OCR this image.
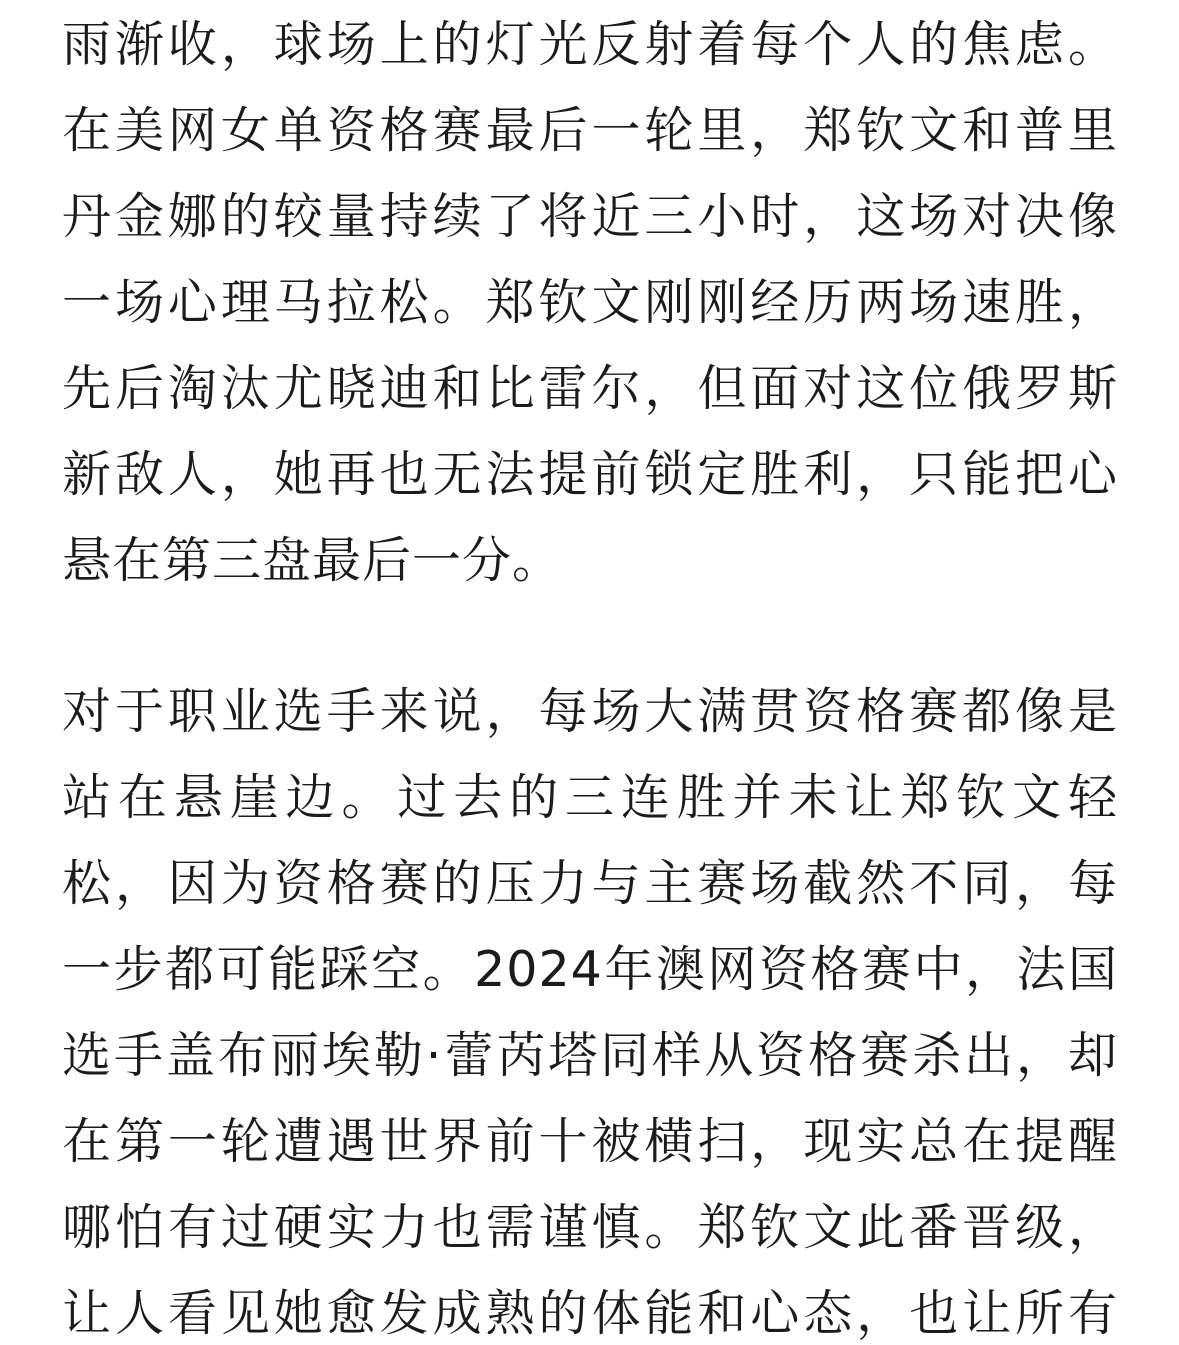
雨渐收，球场上的灯光反射着每个人的焦虑。
在美网女单资格赛最后一轮里，郑钦文和普里
丹金娜的较量持续了将近三小时，这场对决像
一场心理马拉松。郑钦文刚刚经历两场速胜，
先后淘汰尤晓迪和比雷尔，但面对这位俄罗斯
新敌人，她再也无法提前锁定胜利，只能把心
悬在第三盘最后一分。
对于职业选手来说，每场大满贯资格赛都像是
站在悬崖边。过去的三连胜并未让郑钦文轻
松，因为资格赛的压力与主赛场截然不同，每
一步都可能踩空。2024年澳网资格赛中，法国
选手盖布丽埃勒·蕾芮塔同样从资格赛杀出，却
在第一轮遭遇世界前十被横扫，现实总在提醒
哪怕有过硬实力也需谨慎。郑钦文此番晋级，
让人看见她愈发成熟的体能和心态，也让所有
